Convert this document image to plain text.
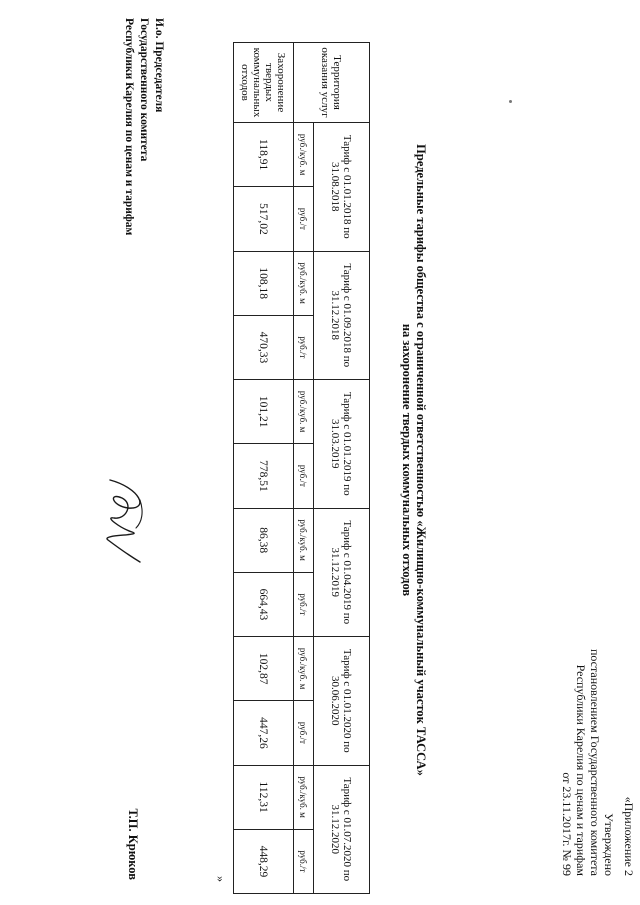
«Приложение 2
Утверждено
постановлением Государственного комитета
Республики Карелия по ценам и тарифам
от 23.11.2017г. № 99
Предельные тарифы общества с ограниченной ответственностью «Жилищно-коммунальный участок ТАССА»
на захоронение твердых коммунальных отходов
Территория оказания услуг	Тариф с 01.01.2018 по 31.08.2018		Тариф с 01.09.2018 по 31.12.2018		Тариф с 01.01.2019 по 31.03.2019		Тариф с 01.04.2019 по 31.12.2019		Тариф с 01.01.2020 по 30.06.2020		Тариф с 01.07.2020 по 31.12.2020	
	руб./куб. м	руб./т	руб./куб. м	руб./т	руб./куб. м	руб./т	руб./куб. м	руб./т	руб./куб. м	руб./т	руб./куб. м	руб./т
Захоронение твердых коммунальных отходов	118,91	517,02	108,18	470,33	101,21	778,51	86,38	664,43	102,87	447,26	112,31	448,29
»
И.о. Председателя
Государственного комитета
Республики Карелия по ценам и тарифам
Т.П. Крюков
